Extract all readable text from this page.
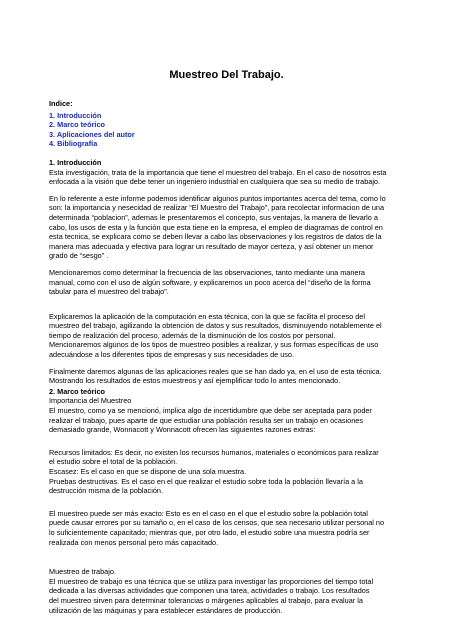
Muestreo Del Trabajo.
Indice:
1. Introducción
2. Marco teórico
3. Aplicaciones del autor
4. Bibliografía
1. Introducción

Esta investigación, trata de la importancia que tiene el muestreo del trabajo. En el caso de nosotros esta
enfocada a la visión que debe tener un ingeniero industrial en cualquiera que sea su medio de trabajo.

En lo referente a este informe podemos identificar algunos puntos importantes acerca del tema, como lo
son: la importancia y nesecidad de realizar “El Muestro del Trabajo”, para recolectar informacion de una
determinada “poblacion”, ademas le presentaremos el concepto, sus ventajas, la manera de llevarlo a
cabo, los usos de esta y la función que esta tiene en la empresa, el empleo de diagramas de control en
esta tecnica, se explicara como se deben llevar a cabo las observaciones y los registros de datos de la
manera mas adecuada y efectiva para lograr un resultado de mayor certeza, y así obtener un menor
grado de “sesgo” .

Mencionaremos como determinar la frecuencia de las observaciones, tanto mediante una manera
manual, como con el uso de algún software, y explicaremos un poco acerca del “diseño de la forma
tabular para el muestreo del trabajo".

Explicaremos la aplicación de la computación en esta técnica, con la que se facilita el proceso del
muestreo del trabajo, agilizando la obtención de datos y sus resultados, disminuyendo notablemente el
tiempo de realización del proceso, además de la disminución de los costos por personal.
Mencionaremos algunos de los tipos de muestreo posibles a realizar, y sus formas específicas de uso
adecuándose a los diferentes tipos de empresas y sus necesidades de uso.

Finalmente daremos algunas de las aplicaciones reales que se han dado ya, en el uso de esta técnica.
Mostrando los resultados de estos muestreos y así ejemplificar todo lo antes mencionado.

2. Marco teórico
Importancia del Muestreo

El muestro, como ya se mencionó, implica algo de incertidumbre que debe ser aceptada para poder
realizar el trabajo, pues aparte de que estudiar una población resulta ser un trabajo en ocasiones
demasiado grande, Wonnacott y Wonnacott ofrecen las siguientes razones extras:

Recursos limitados: Es decir, no existen los recursos humanos, materiales o económicos para realizar
el estudio sobre el total de la población.
Escasez: Es el caso en que se dispone de una sola muestra.
Pruebas destructivas. Es el caso en el que realizar el estudio sobre toda la población llevaría a la
destrucción misma de la población.

El muestreo puede ser más exacto: Esto es en el caso en el que el estudio sobre la población total
puede causar errores por su tamaño o, en el caso de los censos, que sea necesario utilizar personal no
lo suficientemente capacitado; mientras que, por otro lado, el estudio sobre una muestra podría ser
realizada con menos personal pero más capacitado.

Muestreo de trabajo.
El muestreo de trabajo es una técnica que se utiliza para investigar las proporciones del tiempo total
dedicada a las diversas actividades que componen una tarea, actividades o trabajo. Los resultados
del muestreo sirven para determinar tolerancias o márgenes aplicables al trabajo, para evaluar la
utilización de las máquinas y para establecer estándares de producción.
